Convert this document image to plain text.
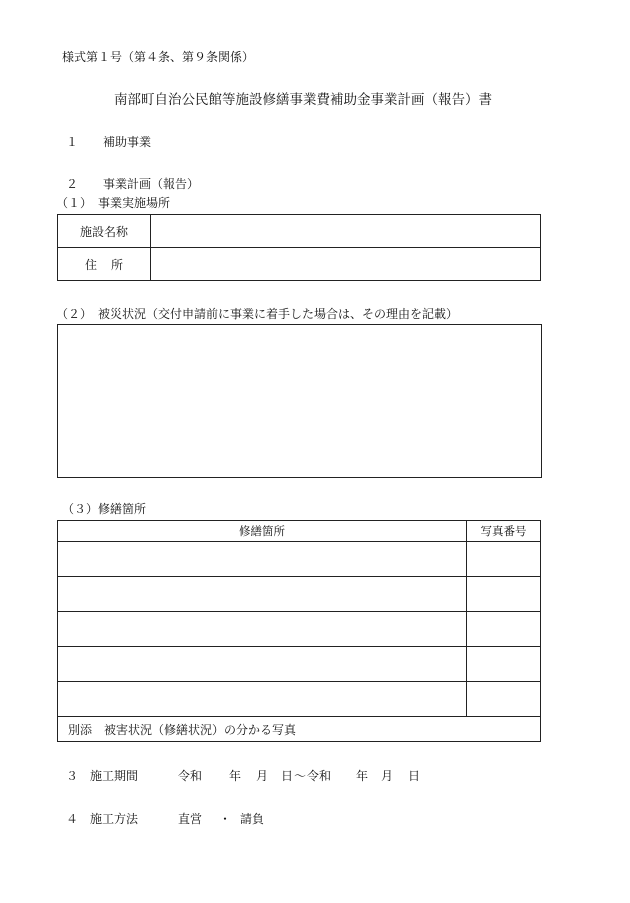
様式第１号（第４条、第９条関係）
南部町自治公民館等施設修繕事業費補助金事業計画（報告）書
１ 補助事業
２ 事業計画（報告）
（１）　事業実施場所
施設名称	
住所	
（２）　被災状況（交付申請前に事業に着手した場合は、その理由を記載）
（３）修繕箇所
修繕箇所	写真番号

別添　被害状況（修繕状況）の分かる写真	
３ 施工期間	令和 年 月 日 ～ 令和 年 月 日
４ 施工方法	直営 ・ 請負
